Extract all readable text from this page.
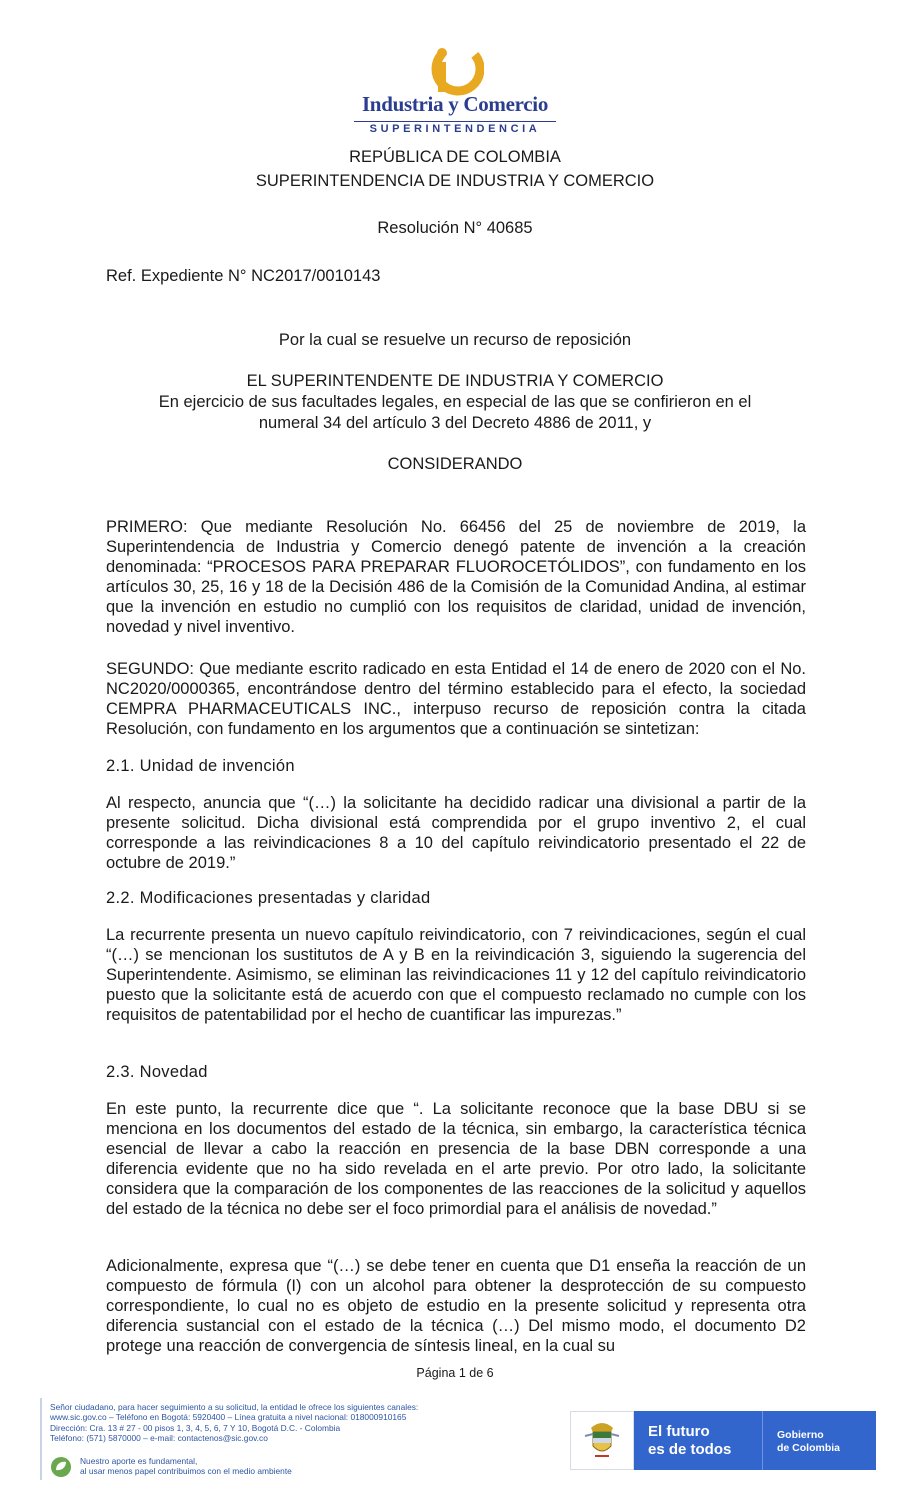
Industria y Comercio
SUPERINTENDENCIA
REPÚBLICA DE COLOMBIA
SUPERINTENDENCIA DE INDUSTRIA Y COMERCIO
Resolución N° 40685
Ref. Expediente N° NC2017/0010143
Por la cual se resuelve un recurso de reposición
EL SUPERINTENDENTE DE INDUSTRIA Y COMERCIO
En ejercicio de sus facultades legales, en especial de las que se confirieron en el
numeral 34 del artículo 3 del Decreto 4886 de 2011, y
CONSIDERANDO
PRIMERO: Que mediante Resolución No. 66456 del 25 de noviembre de 2019, la Superintendencia de Industria y Comercio denegó patente de invención a la creación denominada: “PROCESOS PARA PREPARAR FLUOROCETÓLIDOS”, con fundamento en los artículos 30, 25, 16 y 18 de la Decisión 486 de la Comisión de la Comunidad Andina, al estimar que la invención en estudio no cumplió con los requisitos de claridad, unidad de invención, novedad y nivel inventivo.
SEGUNDO: Que mediante escrito radicado en esta Entidad el 14 de enero de 2020 con el No. NC2020/0000365, encontrándose dentro del término establecido para el efecto, la sociedad CEMPRA PHARMACEUTICALS INC., interpuso recurso de reposición contra la citada Resolución, con fundamento en los argumentos que a continuación se sintetizan:
2.1. Unidad de invención
Al respecto, anuncia que “(…) la solicitante ha decidido radicar una divisional a partir de la presente solicitud. Dicha divisional está comprendida por el grupo inventivo 2, el cual corresponde a las reivindicaciones 8 a 10 del capítulo reivindicatorio presentado el 22 de octubre de 2019.”
2.2. Modificaciones presentadas y claridad
La recurrente presenta un nuevo capítulo reivindicatorio, con 7 reivindicaciones, según el cual “(…) se mencionan los sustitutos de A y B en la reivindicación 3, siguiendo la sugerencia del Superintendente. Asimismo, se eliminan las reivindicaciones 11 y 12 del capítulo reivindicatorio puesto que la solicitante está de acuerdo con que el compuesto reclamado no cumple con los requisitos de patentabilidad por el hecho de cuantificar las impurezas.”
2.3. Novedad
En este punto, la recurrente dice que “. La solicitante reconoce que la base DBU si se menciona en los documentos del estado de la técnica, sin embargo, la característica técnica esencial de llevar a cabo la reacción en presencia de la base DBN corresponde a una diferencia evidente que no ha sido revelada en el arte previo. Por otro lado, la solicitante considera que la comparación de los componentes de las reacciones de la solicitud y aquellos del estado de la técnica no debe ser el foco primordial para el análisis de novedad.”
Adicionalmente, expresa que “(…) se debe tener en cuenta que D1 enseña la reacción de un compuesto de fórmula (I) con un alcohol para obtener la desprotección de su compuesto correspondiente, lo cual no es objeto de estudio en la presente solicitud y representa otra diferencia sustancial con el estado de la técnica (…) Del mismo modo, el documento D2 protege una reacción de convergencia de síntesis lineal, en la cual su
Página 1 de 6
Señor ciudadano, para hacer seguimiento a su solicitud, la entidad le ofrece los siguientes canales:
www.sic.gov.co – Teléfono en Bogotá: 5920400 – Línea gratuita a nivel nacional: 018000910165
Dirección: Cra. 13 # 27 - 00 pisos 1, 3, 4, 5, 6, 7 Y 10, Bogotá D.C. - Colombia
Teléfono: (571) 5870000 – e-mail: contactenos@sic.gov.co
Nuestro aporte es fundamental,
al usar menos papel contribuimos con el medio ambiente
El futuro
es de todos
Gobierno
de Colombia
